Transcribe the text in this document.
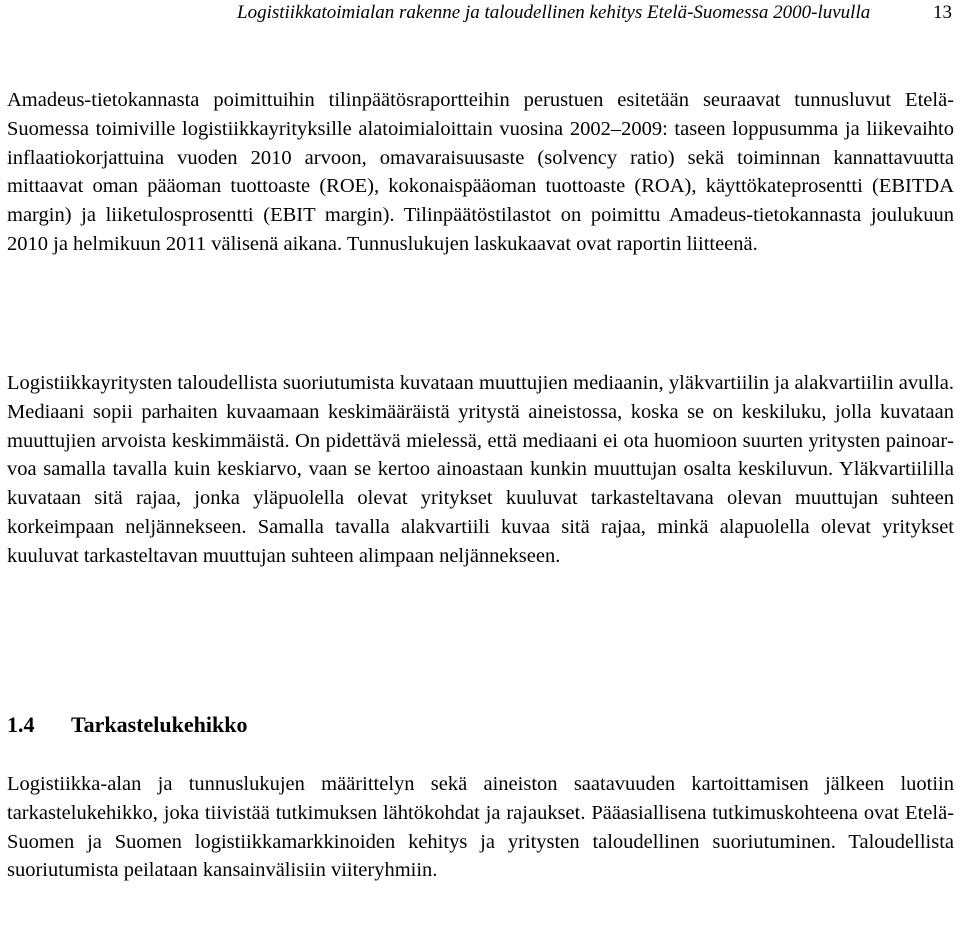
Logistiikkatoimialan rakenne ja taloudellinen kehitys Etelä-Suomessa 2000-luvulla	13

Amadeus-tietokannasta poimittuihin tilinpäätösraportteihin perustuen esitetään seuraavat tunnusluvut Etelä-Suomessa toimiville logistiikkayrityksille alatoimialoittain vuosina 2002–2009: taseen loppusumma ja liikevaihto inflaatiokorjattuina vuoden 2010 arvoon, omavaraisuusaste (solvency ratio) sekä toiminnan kannattavuutta mittaavat oman pääoman tuottoaste (ROE), kokonaispääoman tuottoaste (ROA), käyttökateprosentti (EBITDA margin) ja liiketulosprosentti (EBIT margin). Tilinpäätöstilastot on poimittu Amadeus-tietokannasta joulukuun 2010 ja helmikuun 2011 välisenä aikana. Tunnuslukujen laskukaavat ovat raportin liitteenä.

Logistiikkayritysten taloudellista suoriutumista kuvataan muuttujien mediaanin, yläkvartiilin ja alakvartiilin avulla. Mediaani sopii parhaiten kuvaamaan keskimääräistä yritystä aineistossa, koska se on keskiluku, jolla kuvataan muuttujien arvoista keskimmäistä. On pidettävä mielessä, että mediaani ei ota huomioon suurten yritysten painoarvoa samalla tavalla kuin keskiarvo, vaan se kertoo ainoastaan kunkin muuttujan osalta keskiluvun. Yläkvartiililla kuvataan sitä rajaa, jonka yläpuolella olevat yritykset kuuluvat tarkasteltavana olevan muuttujan suhteen korkeimpaan neljännekseen. Samalla tavalla alakvartiili kuvaa sitä rajaa, minkä alapuolella olevat yritykset kuuluvat tarkasteltavan muuttujan suhteen alimpaan neljännekseen.

1.4 Tarkastelukehikko

Logistiikka-alan ja tunnuslukujen määrittelyn sekä aineiston saatavuuden kartoittamisen jälkeen luotiin tarkastelukehikko, joka tiivistää tutkimuksen lähtökohdat ja rajaukset. Pääasiallisena tutkimuskohteena ovat Etelä-Suomen ja Suomen logistiikkamarkkinoiden kehitys ja yritysten taloudellinen suoriutuminen. Taloudellista suoriutumista peilataan kansainvälisiin viiteryhmiin.
